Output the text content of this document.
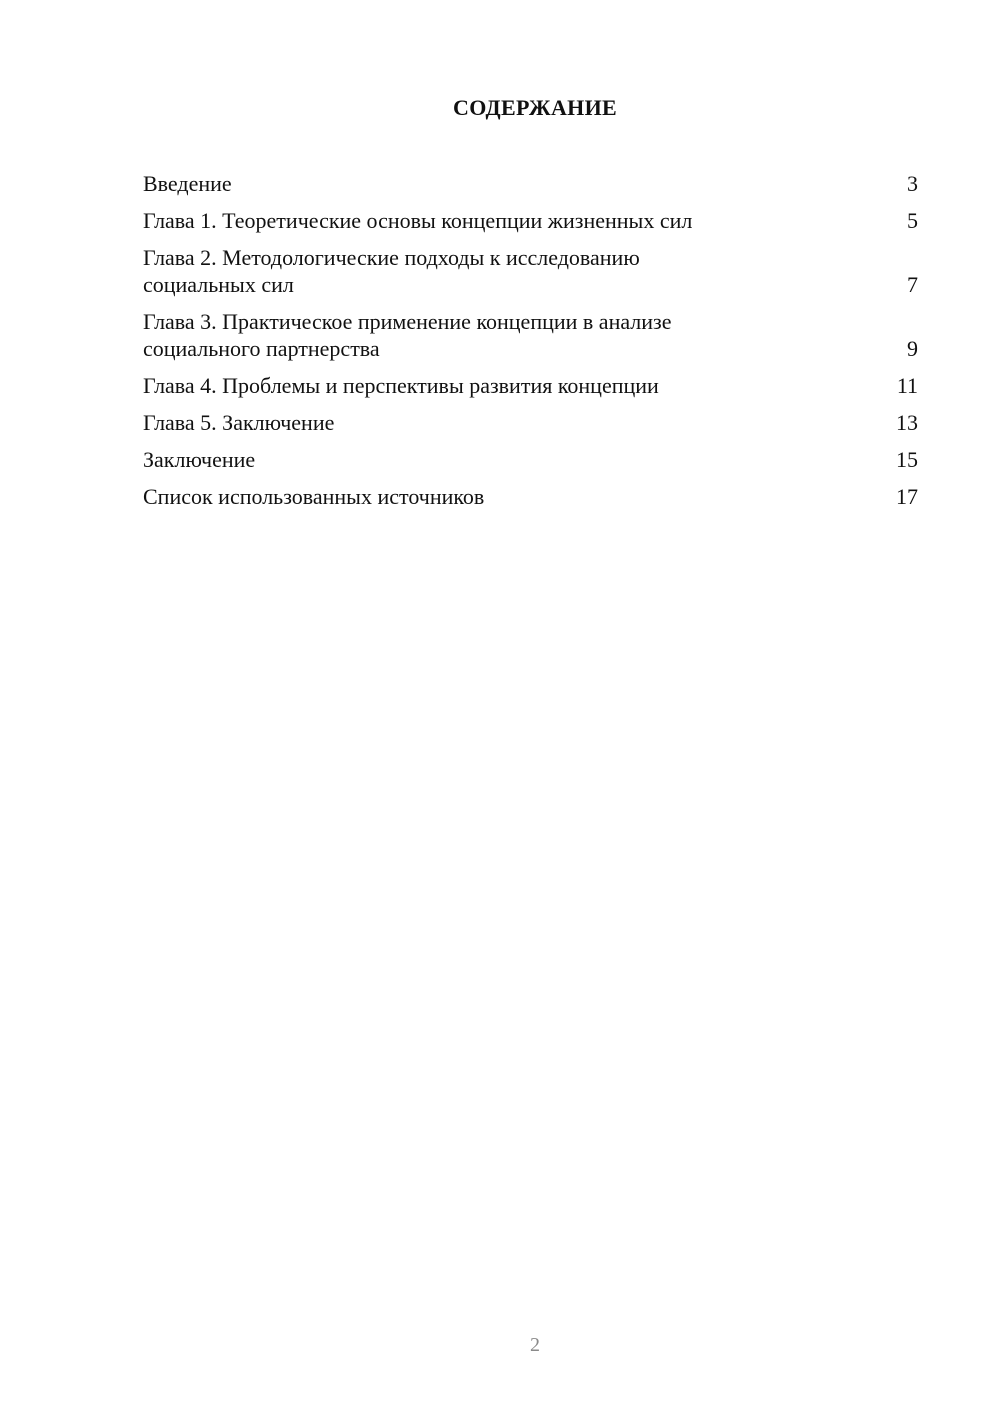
СОДЕРЖАНИЕ
Введение	3
Глава 1. Теоретические основы концепции жизненных сил	5
Глава 2. Методологические подходы к исследованию
социальных сил	7
Глава 3. Практическое применение концепции в анализе
социального партнерства	9
Глава 4. Проблемы и перспективы развития концепции	11
Глава 5. Заключение	13
Заключение	15
Список использованных источников	17
2
